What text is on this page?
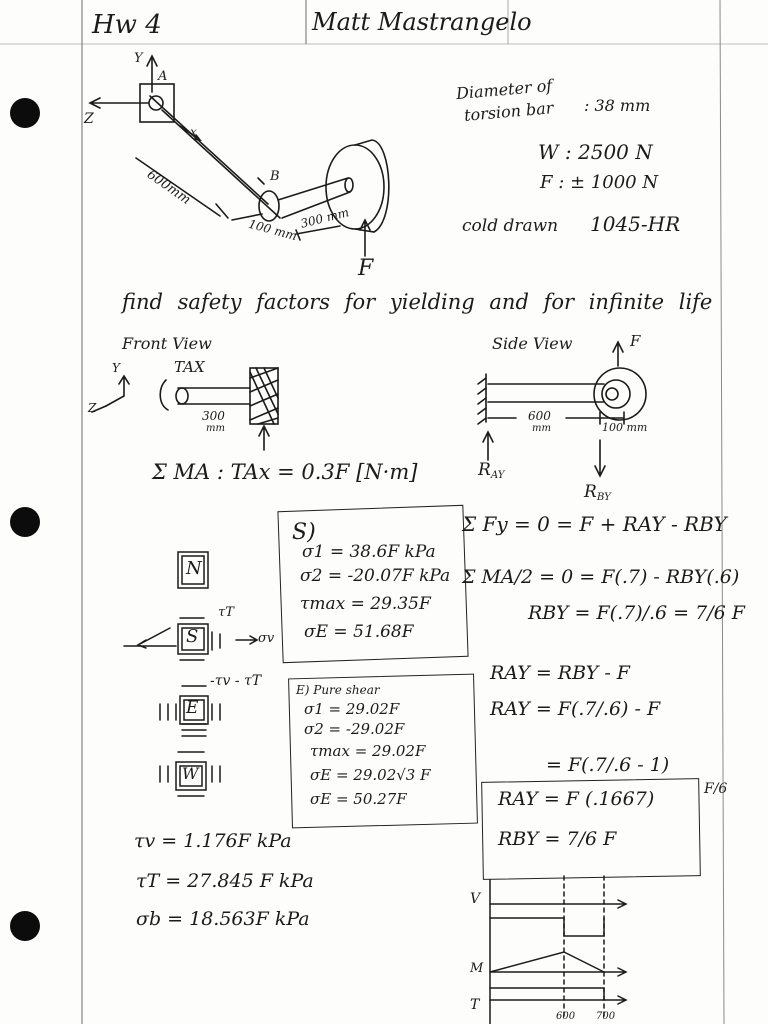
Hw 4	Matt Mastrangelo
Y
A
Z
x
B
600mm
100 mm 300 mm
F
Diameter of
torsion bar : 38 mm
W : 2500 N
F : ± 1000 N
cold drawn 1045-HR
find safety factors for yielding and for infinite life
Front View
Y
Z
TAX
300
mm
Σ MA : TAx = 0.3F [N·m]
Side View	F
600
mm	100 mm
$R_{AY}$
$R_{BY}$
S)
σ1 = 38.6F kPa
σ2 = -20.07F kPa
τmax = 29.35F
σE = 51.68F
E) Pure shear
σ1 = 29.02F
σ2 = -29.02F
τmax = 29.02F
σE = 29.02√3 F
σE = 50.27F
N
S
E
W
τT
σv
-τv - τT
τv = 1.176F kPa
τT = 27.845 F kPa
σb = 18.563F kPa
Σ Fy = 0 = F + RAY - RBY
Σ MA/2 = 0 = F(.7) - RBY(.6)
RBY = F(.7)/.6 = 7/6 F
RAY = RBY - F
RAY = F(.7/.6) - F
= F(.7/.6 - 1)
RAY = F (.1667)
RBY = 7/6 F
F/6
V
M
T
600 700
